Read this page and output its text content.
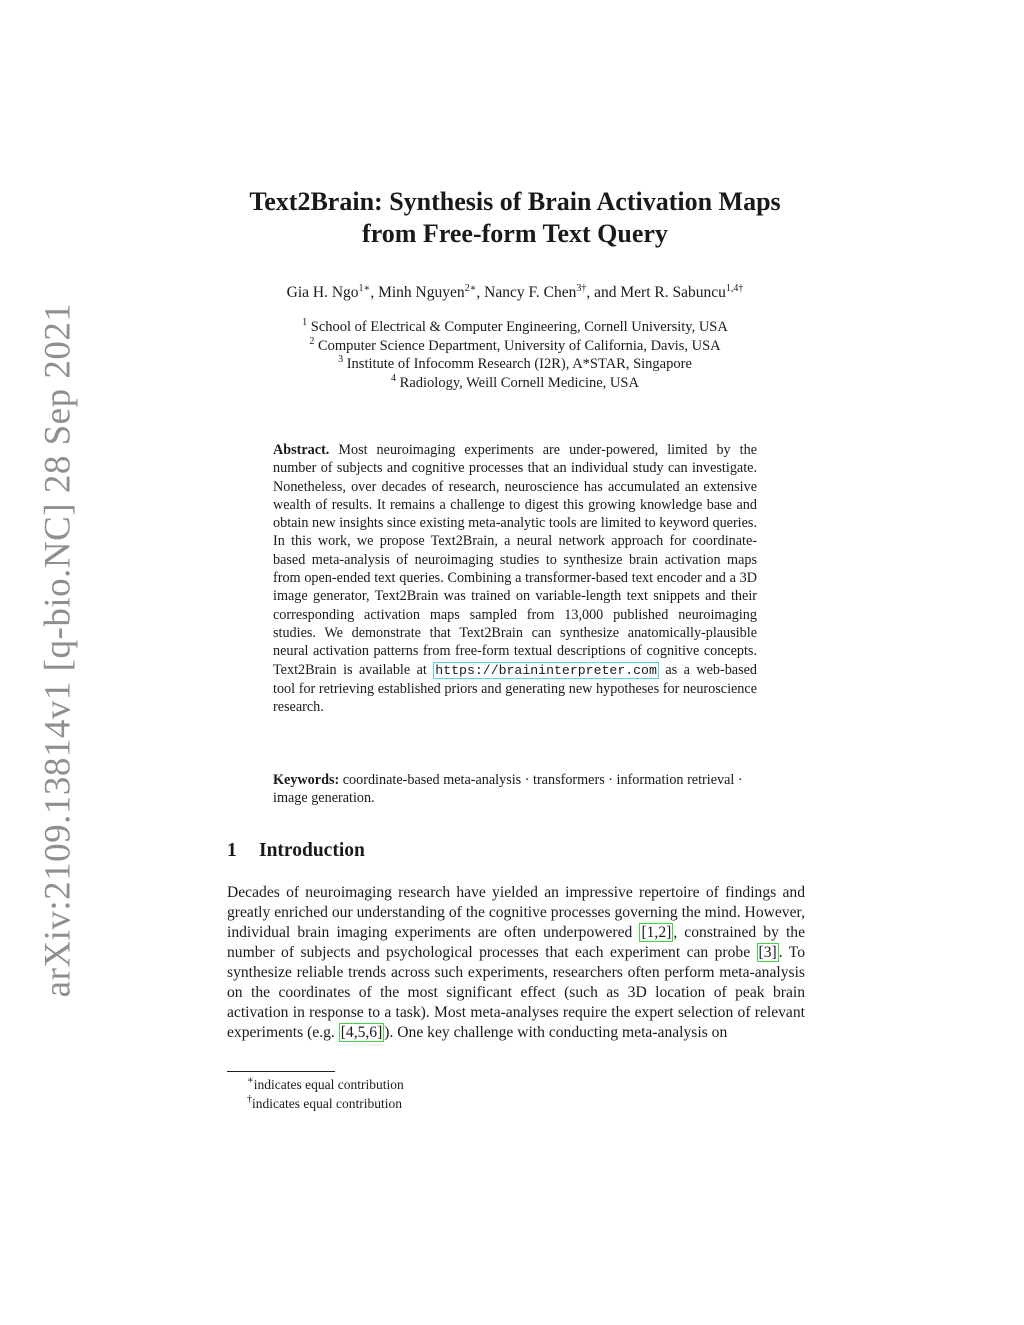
arXiv:2109.13814v1 [q-bio.NC] 28 Sep 2021
Text2Brain: Synthesis of Brain Activation Maps
from Free-form Text Query
Gia H. Ngo$^{1∗}$, Minh Nguyen$^{2∗}$, Nancy F. Chen$^{3\dagger}$, and Mert R. Sabuncu$^{1,4\dagger}$
$^1$ School of Electrical & Computer Engineering, Cornell University, USA
$^2$ Computer Science Department, University of California, Davis, USA
$^3$ Institute of Infocomm Research (I2R), A*STAR, Singapore
$^4$ Radiology, Weill Cornell Medicine, USA

Abstract. Most neuroimaging experiments are under-powered, limited by the number of subjects and cognitive processes that an individual study can investigate. Nonetheless, over decades of research, neuroscience has accumulated an extensive wealth of results. It remains a challenge to digest this growing knowledge base and obtain new insights since existing meta-analytic tools are limited to keyword queries. In this work, we propose Text2Brain, a neural network approach for coordinate-based meta-analysis of neuroimaging studies to synthesize brain activation maps from open-ended text queries. Combining a transformer-based text encoder and a 3D image generator, Text2Brain was trained on variable-length text snippets and their corresponding activation maps sampled from 13,000 published neuroimaging studies. We demonstrate that Text2Brain can synthesize anatomically-plausible neural activation patterns from free-form textual descriptions of cognitive concepts. Text2Brain is available at https://braininterpreter.com as a web-based tool for retrieving established priors and generating new hypotheses for neuroscience research.

Keywords: coordinate-based meta-analysis · transformers · information retrieval · image generation.
1 Introduction

Decades of neuroimaging research have yielded an impressive repertoire of findings and greatly enriched our understanding of the cognitive processes governing the mind. However, individual brain imaging experiments are often underpowered [1,2] , constrained by the number of subjects and psychological processes that each experiment can probe [3] . To synthesize reliable trends across such experiments, researchers often perform meta-analysis on the coordinates of the most significant effect (such as 3D location of peak brain activation in response to a task). Most meta-analyses require the expert selection of relevant experiments (e.g. [4,5,6] ). One key challenge with conducting meta-analysis on

∗indicates equal contribution
†indicates equal contribution
